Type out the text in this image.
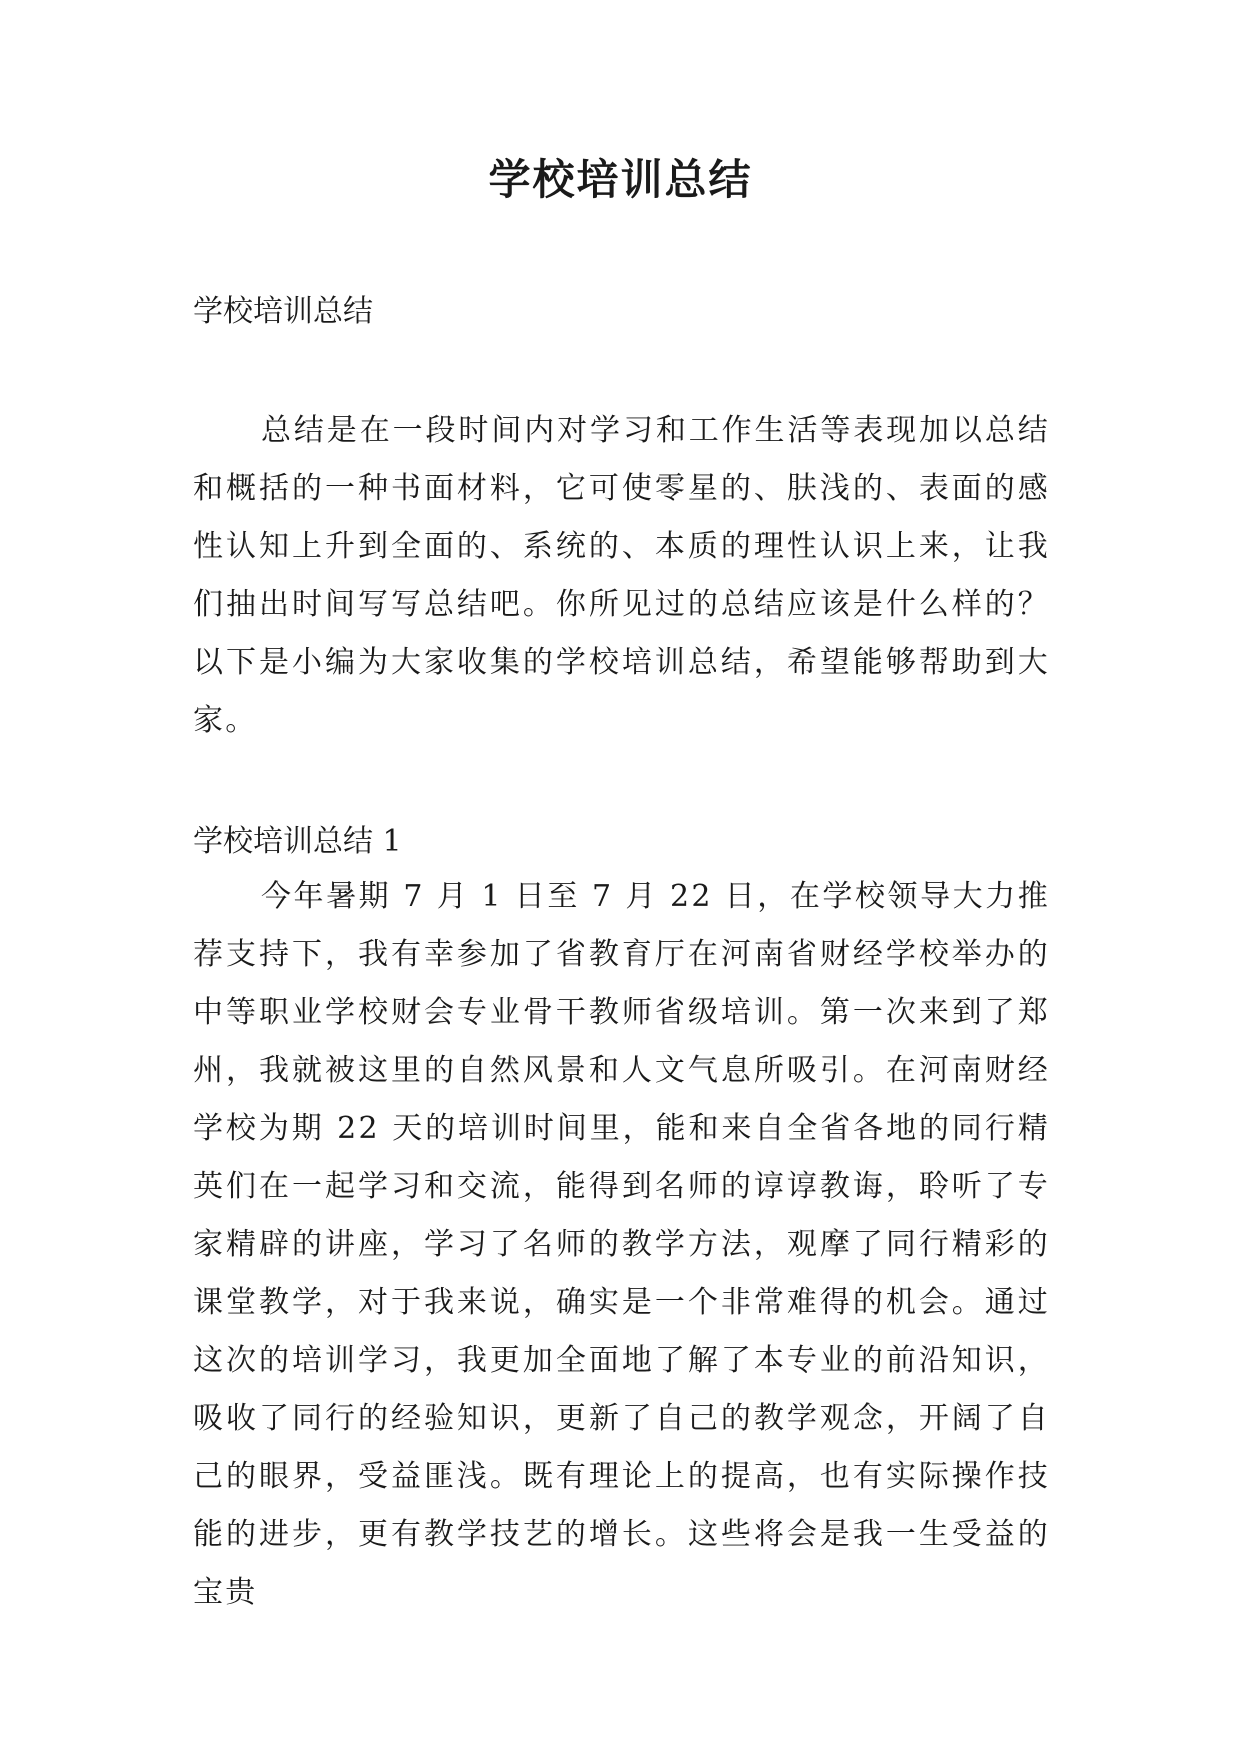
学校培训总结

学校培训总结

总结是在一段时间内对学习和工作生活等表现加以总结和概括的一种书面材料，它可使零星的、肤浅的、表面的感性认知上升到全面的、系统的、本质的理性认识上来，让我们抽出时间写写总结吧。你所见过的总结应该是什么样的？以下是小编为大家收集的学校培训总结，希望能够帮助到大家。

学校培训总结 1

今年暑期 7 月 1 日至 7 月 22 日，在学校领导大力推荐支持下，我有幸参加了省教育厅在河南省财经学校举办的中等职业学校财会专业骨干教师省级培训。第一次来到了郑州，我就被这里的自然风景和人文气息所吸引。在河南财经学校为期 22 天的培训时间里，能和来自全省各地的同行精英们在一起学习和交流，能得到名师的谆谆教诲，聆听了专家精辟的讲座，学习了名师的教学方法，观摩了同行精彩的课堂教学，对于我来说，确实是一个非常难得的机会。通过这次的培训学习，我更加全面地了解了本专业的前沿知识，吸收了同行的经验知识，更新了自己的教学观念，开阔了自己的眼界，受益匪浅。既有理论上的提高，也有实际操作技能的进步，更有教学技艺的增长。这些将会是我一生受益的宝贵
